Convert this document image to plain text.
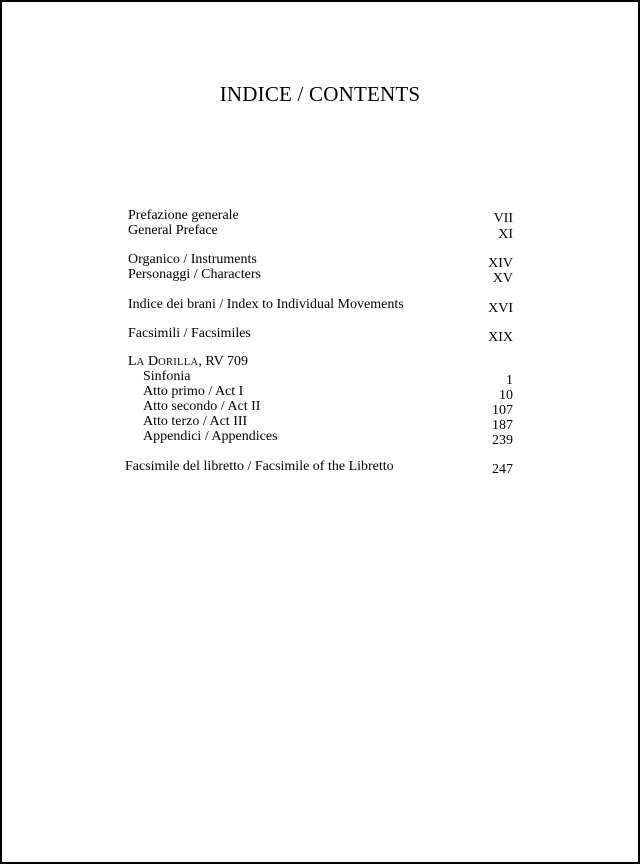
INDICE / CONTENTS
Prefazione generale	VII
General Preface	XI
Organico / Instruments	XIV
Personaggi / Characters	XV
Indice dei brani / Index to Individual Movements	XVI
Facsimili / Facsimiles	XIX
LA DORILLA, RV 709
Sinfonia	1
Atto primo / Act I	10
Atto secondo / Act II	107
Atto terzo / Act III	187
Appendici / Appendices	239
Facsimile del libretto / Facsimile of the Libretto	247
